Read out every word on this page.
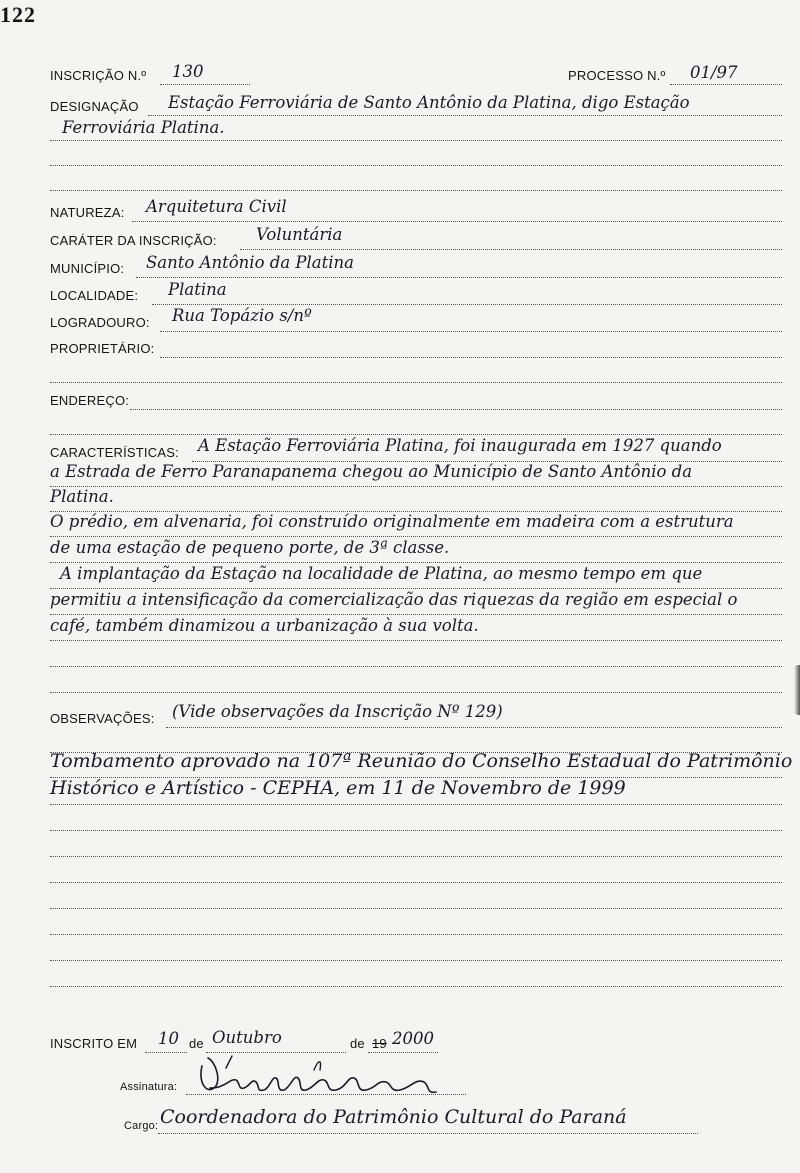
122
INSCRIÇÃO N.º 130	PROCESSO N.º 01/97
DESIGNAÇÃO Estação Ferroviária de Santo Antônio da Platina, digo Estação
Ferroviária Platina.
NATUREZA: Arquitetura Civil
CARÁTER DA INSCRIÇÃO: Voluntária
MUNICÍPIO: Santo Antônio da Platina
LOCALIDADE: Platina
LOGRADOURO: Rua Topázio s/nº
PROPRIETÁRIO:
ENDEREÇO:
CARACTERÍSTICAS: A Estação Ferroviária Platina, foi inaugurada em 1927 quando
a Estrada de Ferro Paranapanema chegou ao Município de Santo Antônio da
Platina.
O prédio, em alvenaria, foi construído originalmente em madeira com a estrutura
de uma estação de pequeno porte, de 3ª classe.
A implantação da Estação na localidade de Platina, ao mesmo tempo em que
permitiu a intensificação da comercialização das riquezas da região em especial o
café, também dinamizou a urbanização à sua volta.
OBSERVAÇÕES: (Vide observações da Inscrição Nº 129)
Tombamento aprovado na 107ª Reunião do Conselho Estadual do Patrimônio
Histórico e Artístico - CEPHA, em 11 de Novembro de 1999
INSCRITO EM 10 de Outubro	de 19 2000
Assinatura:
Cargo: Coordenadora do Patrimônio Cultural do Paraná
